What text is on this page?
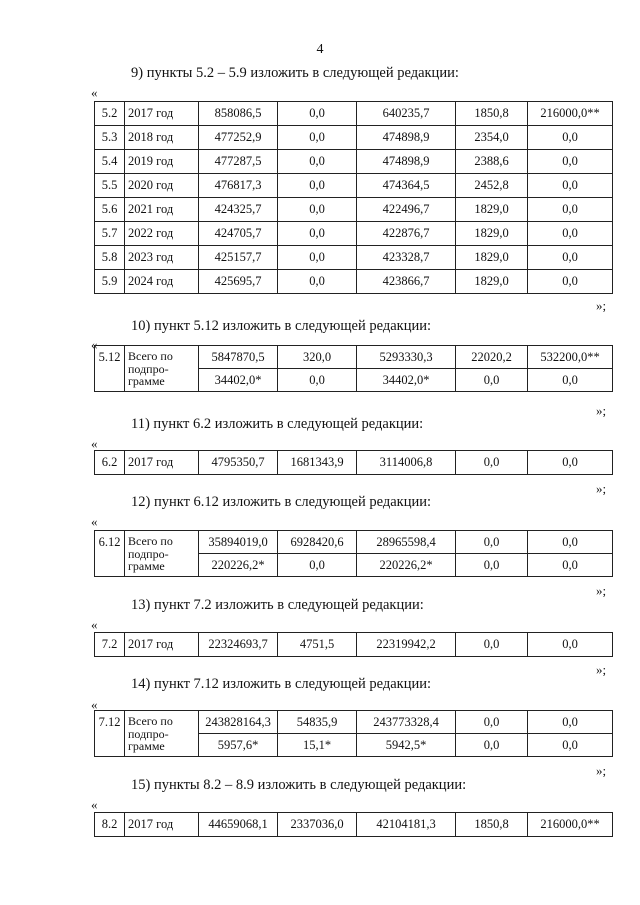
4
9) пункты 5.2 – 5.9 изложить в следующей редакции:
«
5.2	2017 год	858086,5	0,0	640235,7	1850,8	216000,0**
5.3	2018 год	477252,9	0,0	474898,9	2354,0	0,0
5.4	2019 год	477287,5	0,0	474898,9	2388,6	0,0
5.5	2020 год	476817,3	0,0	474364,5	2452,8	0,0
5.6	2021 год	424325,7	0,0	422496,7	1829,0	0,0
5.7	2022 год	424705,7	0,0	422876,7	1829,0	0,0
5.8	2023 год	425157,7	0,0	423328,7	1829,0	0,0
5.9	2024 год	425695,7	0,0	423866,7	1829,0	0,0
»;
10) пункт 5.12 изложить в следующей редакции:
«
5.12	Всего по подпро-грамме	5847870,5	320,0	5293330,3	22020,2	532200,0**
		34402,0*	0,0	34402,0*	0,0	0,0
»;
11) пункт 6.2 изложить в следующей редакции:
«
6.2	2017 год	4795350,7	1681343,9	3114006,8	0,0	0,0
»;
12) пункт 6.12 изложить в следующей редакции:
«
6.12	Всего по подпро-грамме	35894019,0	6928420,6	28965598,4	0,0	0,0
		220226,2*	0,0	220226,2*	0,0	0,0
»;
13) пункт 7.2 изложить в следующей редакции:
«
7.2	2017 год	22324693,7	4751,5	22319942,2	0,0	0,0
»;
14) пункт 7.12 изложить в следующей редакции:
«
7.12	Всего по подпро-грамме	243828164,3	54835,9	243773328,4	0,0	0,0
		5957,6*	15,1*	5942,5*	0,0	0,0
»;
15) пункты 8.2 – 8.9 изложить в следующей редакции:
«
8.2	2017 год	44659068,1	2337036,0	42104181,3	1850,8	216000,0**
